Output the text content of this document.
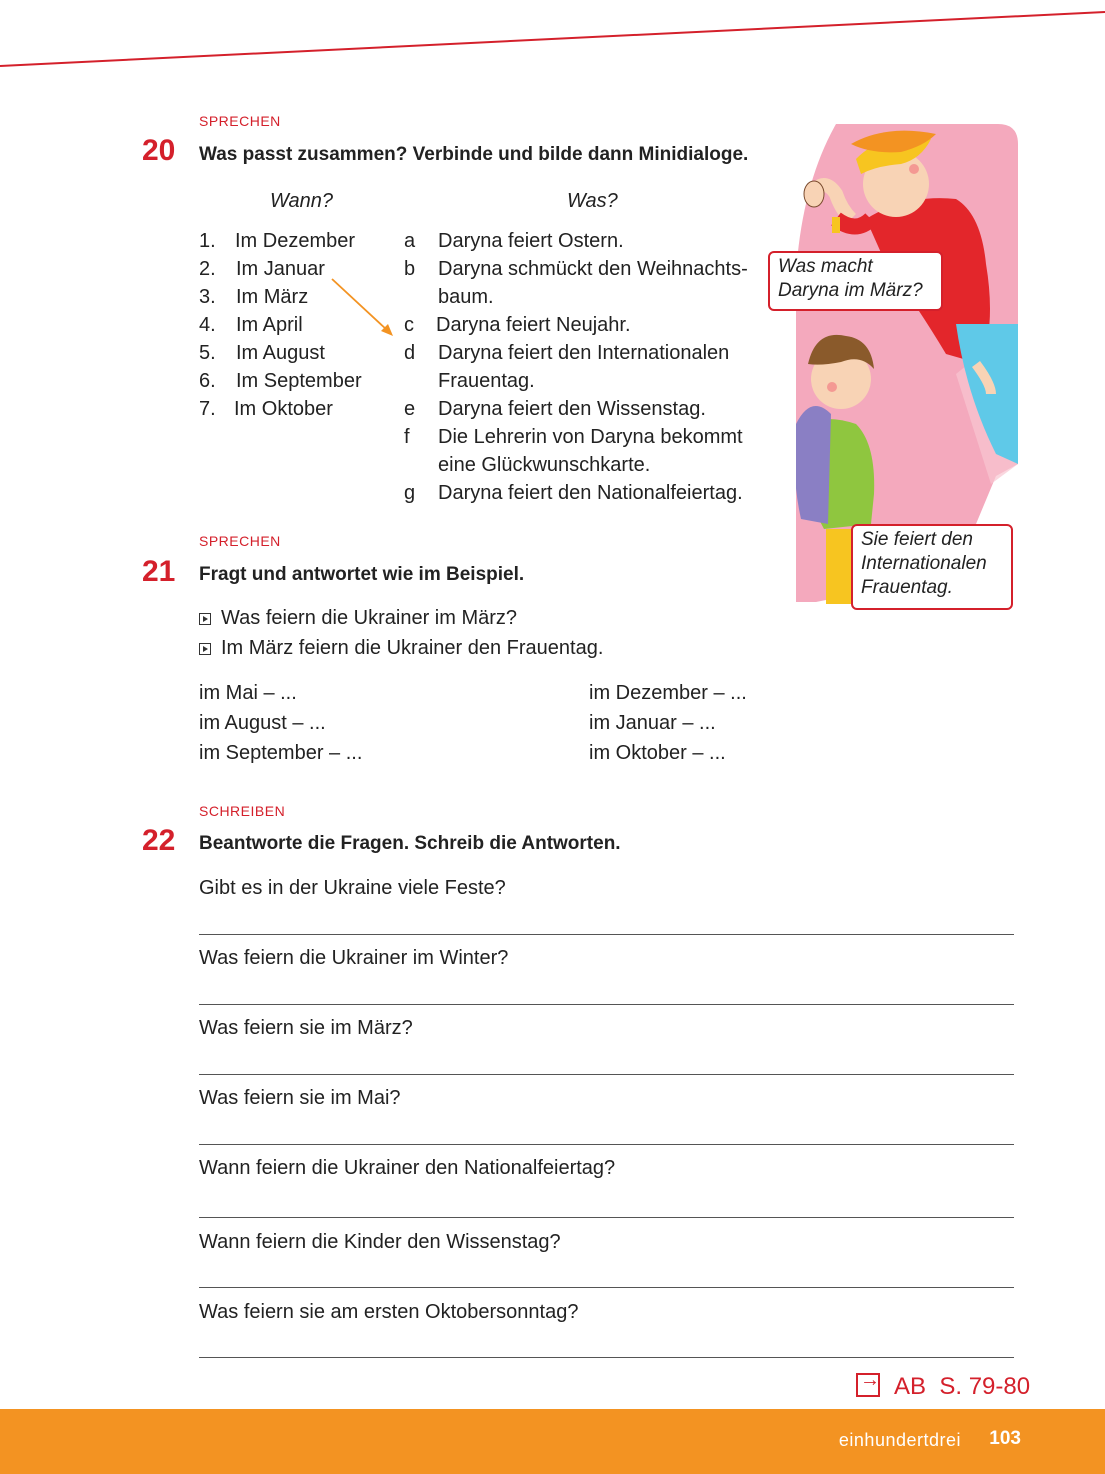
SPRECHEN
20 Was passt zusammen? Verbinde und bilde dann Minidialoge.
Wann?	Was?
1. Im Dezember
2. Im Januar
3. Im März
4. Im April
5. Im August
6. Im September
7. Im Oktober
a Daryna feiert Ostern.
b Daryna schmückt den Weihnachts-
baum.
c Daryna feiert Neujahr.
d Daryna feiert den Internationalen
Frauentag.
e Daryna feiert den Wissenstag.
f Die Lehrerin von Daryna bekommt
eine Glückwunschkarte.
g Daryna feiert den Nationalfeiertag.
Was macht
Daryna im März?
Sie feiert den
Internationalen
Frauentag.
SPRECHEN
21 Fragt und antwortet wie im Beispiel.
Was feiern die Ukrainer im März?
Im März feiern die Ukrainer den Frauentag.
im Mai – ...
im August – ...
im September – ...
im Dezember – ...
im Januar – ...
im Oktober – ...
SCHREIBEN
22 Beantworte die Fragen. Schreib die Antworten.
Gibt es in der Ukraine viele Feste?
Was feiern die Ukrainer im Winter?
Was feiern sie im März?
Was feiern sie im Mai?
Wann feiern die Ukrainer den Nationalfeiertag?
Wann feiern die Kinder den Wissenstag?
Was feiern sie am ersten Oktobersonntag?
→
AB  S. 79-80
einhundertdrei 103
